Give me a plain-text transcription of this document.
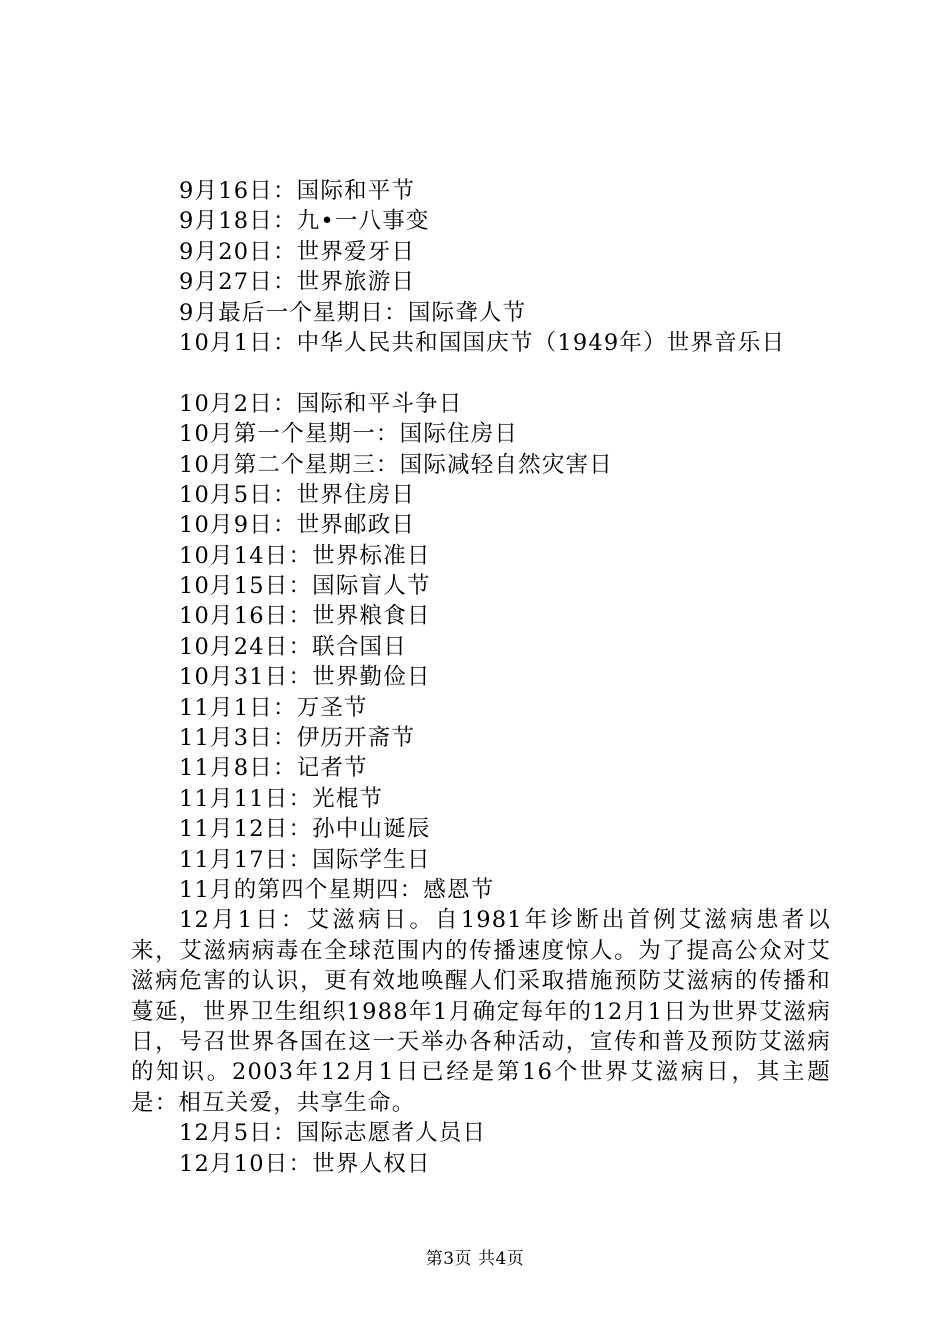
9月16日：国际和平节
9月18日：九•一八事变
9月20日：世界爱牙日
9月27日：世界旅游日
9月最后一个星期日：国际聋人节
10月1日：中华人民共和国国庆节（1949年）世界音乐日
10月2日：国际和平斗争日
10月第一个星期一：国际住房日
10月第二个星期三：国际减轻自然灾害日
10月5日：世界住房日
10月9日：世界邮政日
10月14日：世界标准日
10月15日：国际盲人节
10月16日：世界粮食日
10月24日：联合国日
10月31日：世界勤俭日
11月1日：万圣节
11月3日：伊历开斋节
11月8日：记者节
11月11日：光棍节
11月12日：孙中山诞辰
11月17日：国际学生日
11月的第四个星期四：感恩节

12月1日：艾滋病日。自1981年诊断出首例艾滋病患者以来，艾滋病病毒在全球范围内的传播速度惊人。为了提高公众对艾滋病危害的认识，更有效地唤醒人们采取措施预防艾滋病的传播和蔓延，世界卫生组织1988年1月确定每年的12月1日为世界艾滋病日，号召世界各国在这一天举办各种活动，宣传和普及预防艾滋病的知识。2003年12月1日已经是第16个世界艾滋病日，其主题是：相互关爱，共享生命。

12月5日：国际志愿者人员日
12月10日：世界人权日
第3页 共4页
